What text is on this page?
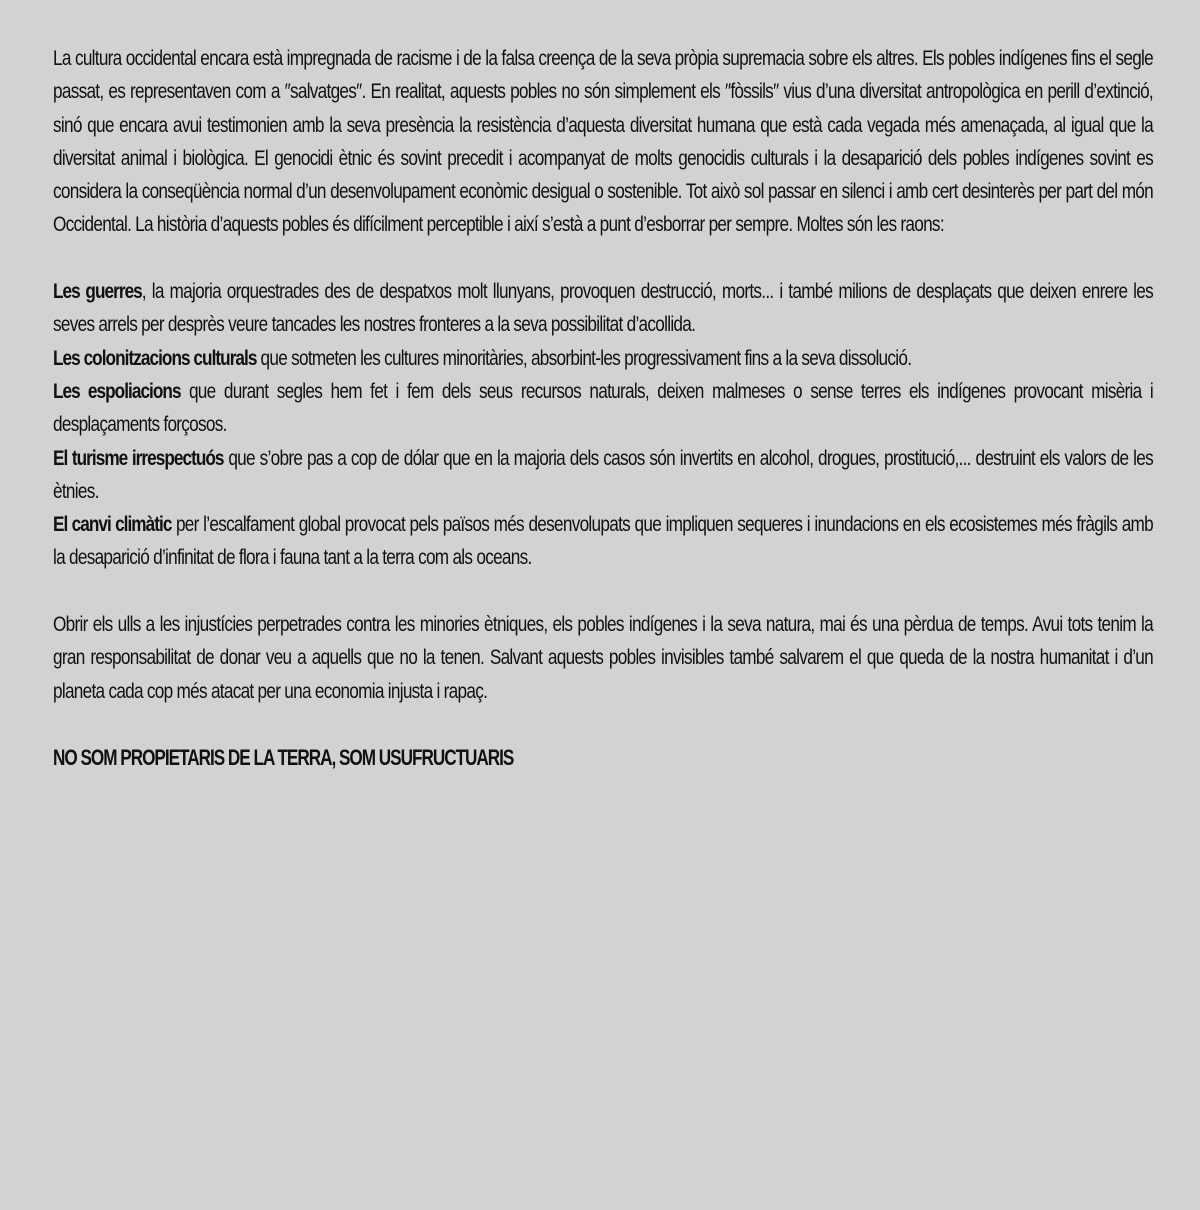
La cultura occidental encara està impregnada de racisme i de la falsa creença de la seva pròpia supremacia sobre els altres. Els pobles indígenes fins el segle passat, es representaven com a ″salvatges″. En realitat, aquests pobles no són simplement els ″fòssils″ vius d’una diversitat antropològica en perill d’extinció, sinó que encara avui testimonien amb la seva presència la resistència d’aquesta diversitat humana que està cada vegada més amenaçada, al igual que la diversitat animal i biològica. El genocidi ètnic és sovint precedit i acompanyat de molts genocidis culturals i la desaparició dels pobles indígenes sovint es considera la conseqüència normal d’un desenvolupament econòmic desigual o sostenible. Tot això sol passar en silenci i amb cert desinterès per part del món Occidental. La història d’aquests pobles és difícilment perceptible i així s’està a punt d’esborrar per sempre. Moltes són les raons:

Les guerres, la majoria orquestrades des de despatxos molt llunyans, provoquen destrucció, morts... i també milions de desplaçats que deixen enrere les seves arrels per desprès veure tancades les nostres fronteres a la seva possibilitat d’acollida.

Les colonitzacions culturals que sotmeten les cultures minoritàries, absorbint-les progressivament fins a la seva dissolució.

Les espoliacions que durant segles hem fet i fem dels seus recursos naturals, deixen malmeses o sense terres els indígenes provocant misèria i desplaçaments forçosos.

El turisme irrespectuós que s’obre pas a cop de dólar que en la majoria dels casos són invertits en alcohol, drogues, prostitució,... destruint els valors de les ètnies.

El canvi climàtic per l’escalfament global provocat pels països més desenvolupats que impliquen sequeres i inundacions en els ecosistemes més fràgils amb la desaparició d’infinitat de flora i fauna tant a la terra com als oceans.

Obrir els ulls a les injustícies perpetrades contra les minories ètniques, els pobles indígenes i la seva natura, mai és una pèrdua de temps. Avui tots tenim la gran responsabilitat de donar veu a aquells que no la tenen. Salvant aquests pobles invisibles també salvarem el que queda de la nostra humanitat i d’un planeta cada cop més atacat per una economia injusta i rapaç.

NO SOM PROPIETARIS DE LA TERRA, SOM USUFRUCTUARIS
